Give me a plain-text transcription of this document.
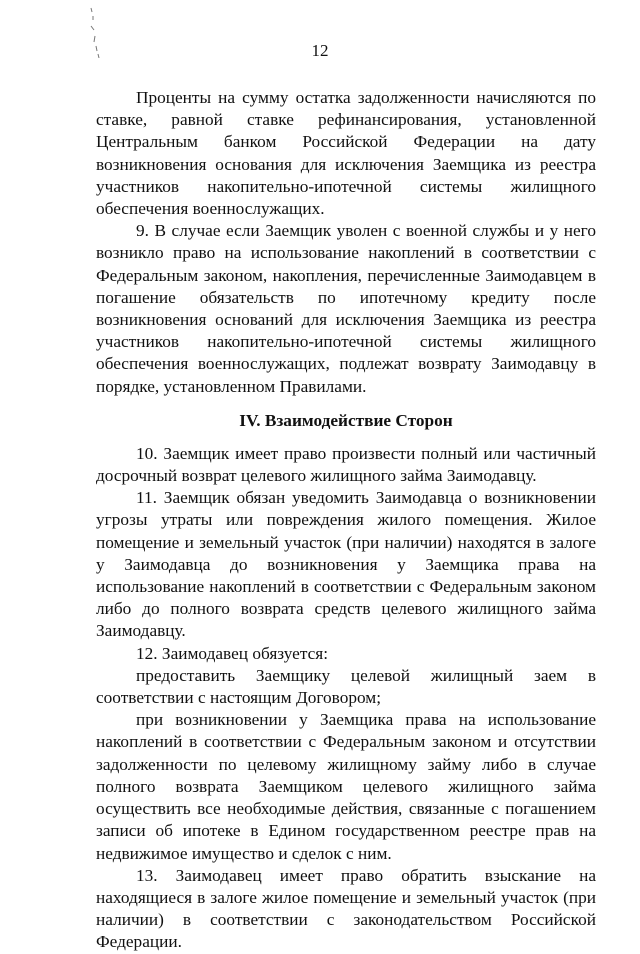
12

Проценты на сумму остатка задолженности начисляются по ставке, равной ставке рефинансирования, установленной Центральным банком Российской Федерации на дату возникновения основания для исключения Заемщика из реестра участников накопительно-ипотечной системы жилищного обеспечения военнослужащих.

9. В случае если Заемщик уволен с военной службы и у него возникло право на использование накоплений в соответствии с Федеральным законом, накопления, перечисленные Заимодавцем в погашение обязательств по ипотечному кредиту после возникновения оснований для исключения Заемщика из реестра участников накопительно-ипотечной системы жилищного обеспечения военнослужащих, подлежат возврату Заимодавцу в порядке, установленном Правилами.

IV. Взаимодействие Сторон

10. Заемщик имеет право произвести полный или частичный досрочный возврат целевого жилищного займа Заимодавцу.

11. Заемщик обязан уведомить Заимодавца о возникновении угрозы утраты или повреждения жилого помещения. Жилое помещение и земельный участок (при наличии) находятся в залоге у Заимодавца до возникновения у Заемщика права на использование накоплений в соответствии с Федеральным законом либо до полного возврата средств целевого жилищного займа Заимодавцу.

12. Заимодавец обязуется:

предоставить Заемщику целевой жилищный заем в соответствии с настоящим Договором;

при возникновении у Заемщика права на использование накоплений в соответствии с Федеральным законом и отсутствии задолженности по целевому жилищному займу либо в случае полного возврата Заемщиком целевого жилищного займа осуществить все необходимые действия, связанные с погашением записи об ипотеке в Едином государственном реестре прав на недвижимое имущество и сделок с ним.

13. Заимодавец имеет право обратить взыскание на находящиеся в залоге жилое помещение и земельный участок (при наличии) в соответствии с законодательством Российской Федерации.
